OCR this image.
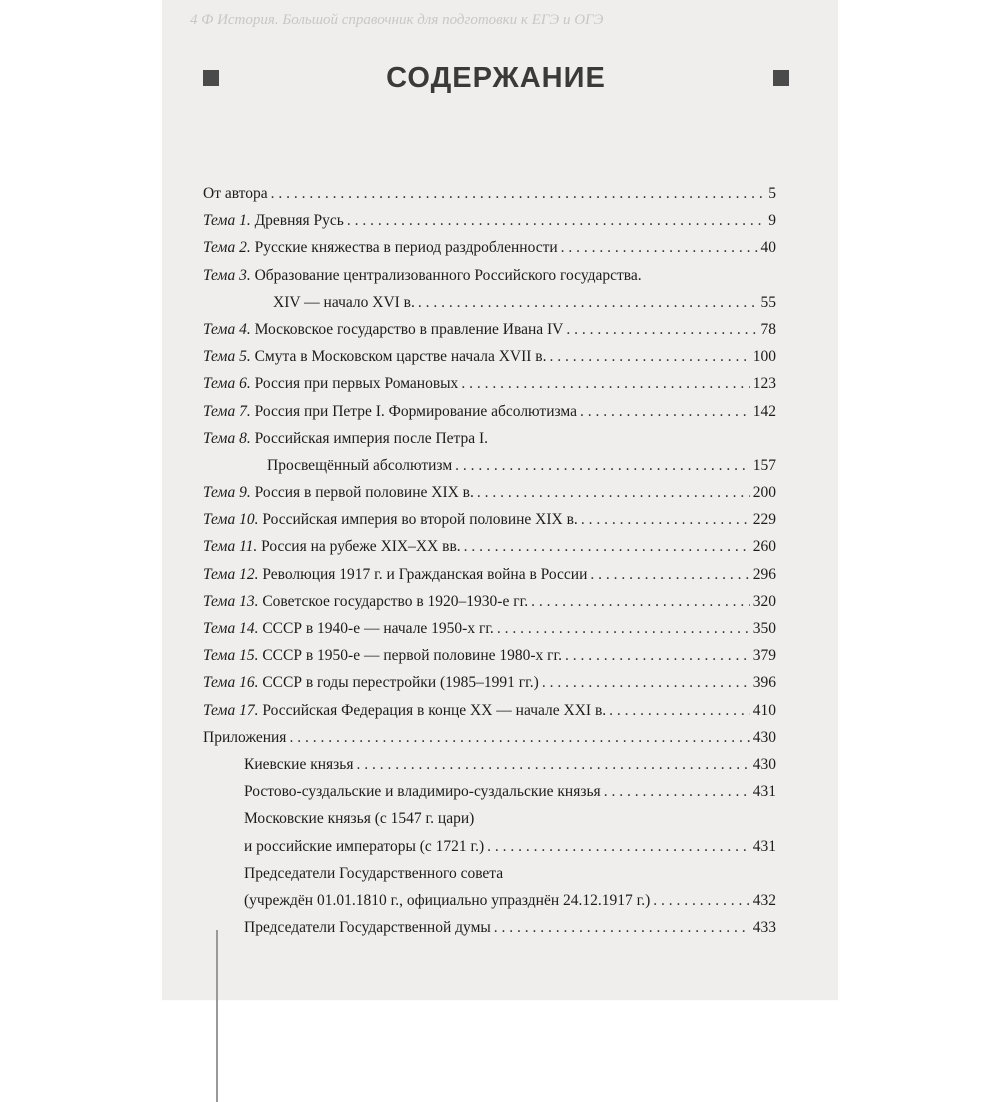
4 Ф История. Большой справочник для подготовки к ЕГЭ и ОГЭ
СОДЕРЖАНИЕ
От автора . . .	5
Тема 1. Древняя Русь . . .	9
Тема 2. Русские княжества в период раздробленности . . .	40
Тема 3. Образование централизованного Российского государства.
XIV — начало XVI в. . . .	55
Тема 4. Московское государство в правление Ивана IV . . .	78
Тема 5. Смута в Московском царстве начала XVII в. . . .	100
Тема 6. Россия при первых Романовых . . .	123
Тема 7. Россия при Петре I. Формирование абсолютизма . . .	142
Тема 8. Российская империя после Петра I.
Просвещённый абсолютизм . . .	157
Тема 9. Россия в первой половине XIX в. . . .	200
Тема 10. Российская империя во второй половине XIX в. . . .	229
Тема 11. Россия на рубеже XIX–XX вв. . . .	260
Тема 12. Революция 1917 г. и Гражданская война в России . . .	296
Тема 13. Советское государство в 1920–1930-е гг. . . .	320
Тема 14. СССР в 1940-е — начале 1950-х гг. . . .	350
Тема 15. СССР в 1950-е — первой половине 1980-х гг. . . .	379
Тема 16. СССР в годы перестройки (1985–1991 гг.) . . .	396
Тема 17. Российская Федерация в конце XX — начале XXI в. . . .	410
Приложения . . .	430
Киевские князья . . .	430
Ростово-суздальские и владимиро-суздальские князья . . .	431
Московские князья (с 1547 г. цари)
и российские императоры (с 1721 г.) . . .	431
Председатели Государственного совета
(учреждён 01.01.1810 г., официально упразднён 24.12.1917 г.) . . .	432
Председатели Государственной думы . . .	433
